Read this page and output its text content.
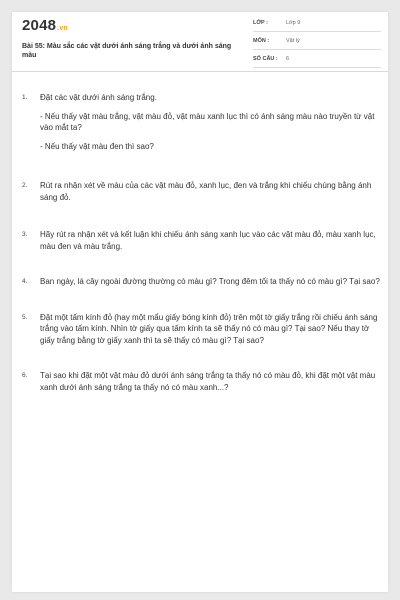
2048.vn
Bài 55: Màu sắc các vật dưới ánh sáng trắng và dưới ánh sáng màu
LỚP :	Lớp 9
MÔN :	Vật lý
SỐ CÂU : 6
1. Đặt các vật dưới ánh sáng trắng.

- Nếu thấy vật màu trắng, vật màu đỏ, vật màu xanh lục thì có ánh sáng màu nào truyền từ vật vào mắt ta?

- Nếu thấy vật màu đen thì sao?

2. Rút ra nhận xét về màu của các vật màu đỏ, xanh lục, đen và trắng khi chiếu chúng bằng ánh sáng đỏ.

3. Hãy rút ra nhận xét và kết luận khi chiếu ánh sáng xanh lục vào các vật màu đỏ, màu xanh lục, màu đen và màu trắng.

4. Ban ngày, lá cây ngoài đường thường có màu gì? Trong đêm tối ta thấy nó có màu gì? Tại sao?

5. Đặt một tấm kính đỏ (hay một mẩu giấy bóng kính đỏ) trên một tờ giấy trắng rồi chiếu ánh sáng trắng vào tấm kính. Nhìn tờ giấy qua tấm kính ta sẽ thấy nó có màu gì? Tại sao? Nếu thay tờ giấy trắng bằng tờ giấy xanh thì ta sẽ thấy có màu gì? Tại sao?

6. Tại sao khi đặt một vật màu đỏ dưới ánh sáng trắng ta thấy nó có màu đỏ, khi đặt một vật màu xanh dưới ánh sáng trắng ta thấy nó có màu xanh...?
